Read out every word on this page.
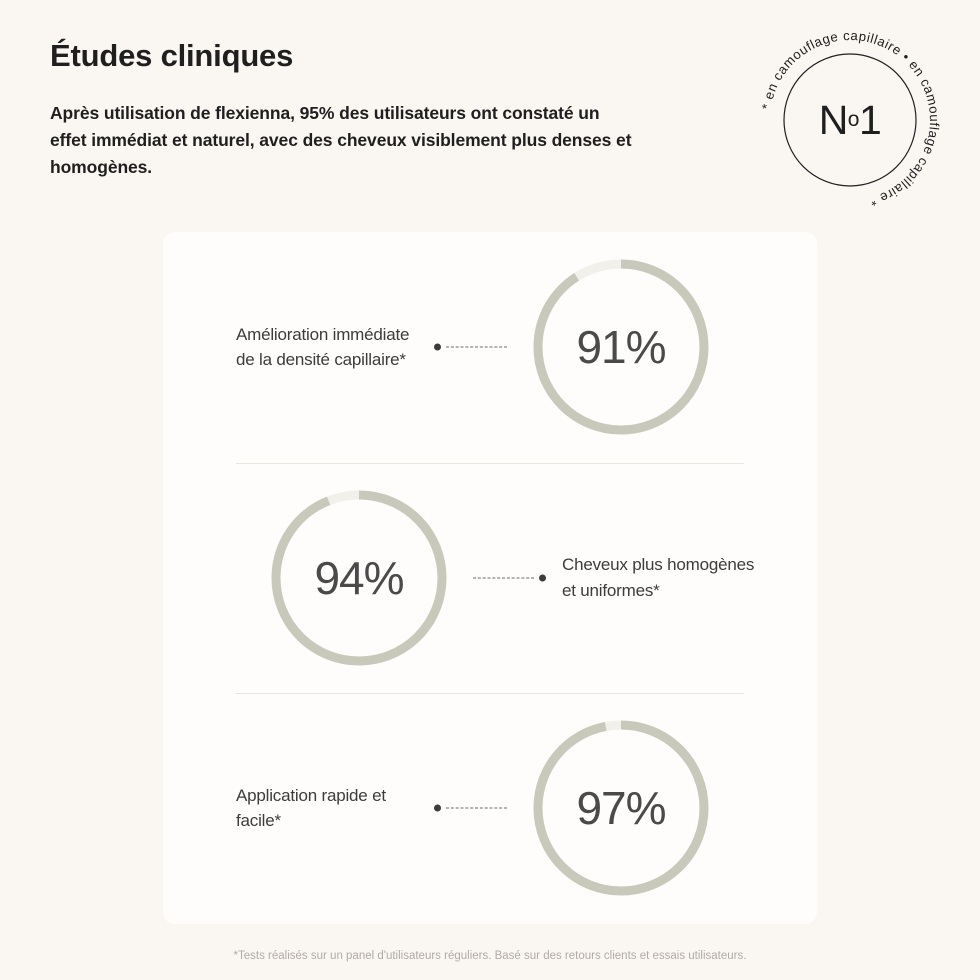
Études cliniques
Après utilisation de flexienna, 95% des utilisateurs ont constaté un effet immédiat et naturel, avec des cheveux visiblement plus denses et homogènes.
* en camouflage capillaire • en camouflage capillaire *
N o 1
Amélioration immédiate de la densité capillaire*	91%
Cheveux plus homogènes et uniformes*
94%
Application rapide et facile*	97%
*Tests réalisés sur un panel d'utilisateurs réguliers. Basé sur des retours clients et essais utilisateurs.
